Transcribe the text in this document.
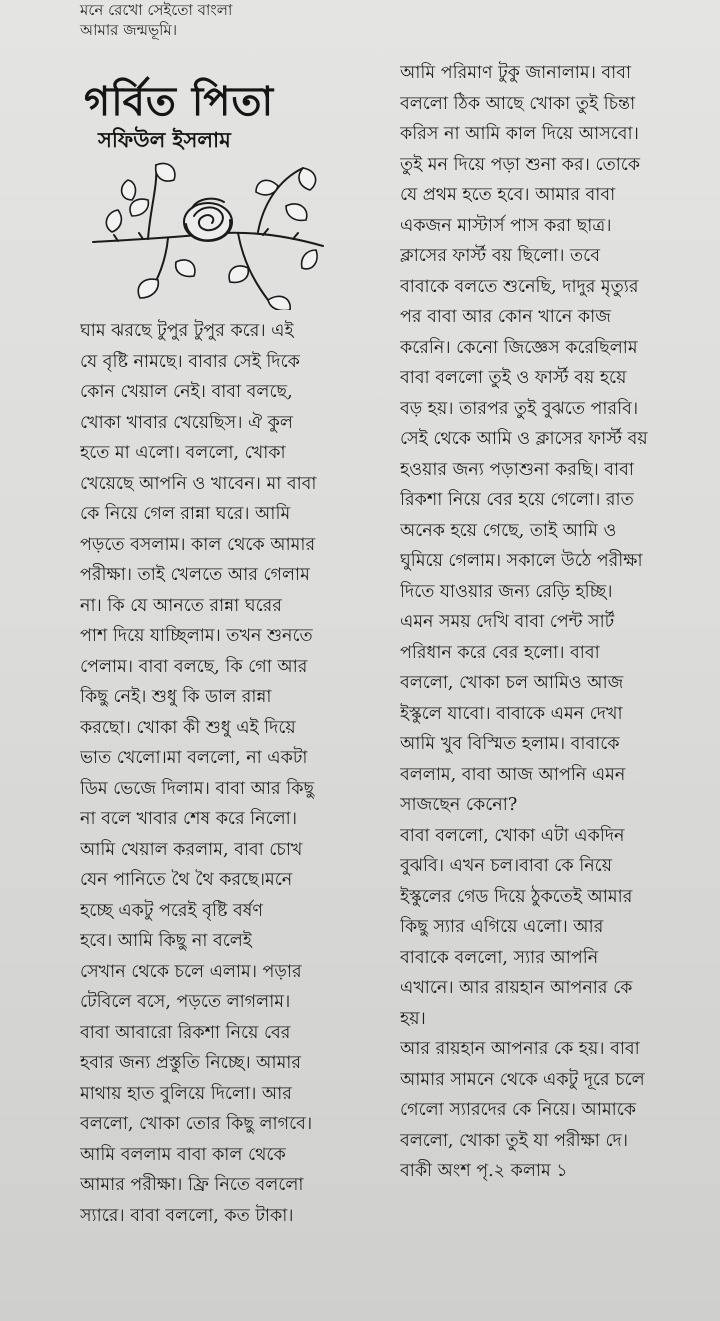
মনে রেখো সেইতো বাংলা
আমার জন্মভূমি।
গর্বিত পিতা
সফিউল ইসলাম
ঘাম ঝরছে টুপুর টুপুর করে। এই
যে বৃষ্টি নামছে। বাবার সেই দিকে
কোন খেয়াল নেই। বাবা বলছে,
খোকা খাবার খেয়েছিস। ঐ কুল
হতে মা এলো। বললো, খোকা
খেয়েছে আপনি ও খাবেন। মা বাবা
কে নিয়ে গেল রান্না ঘরে। আমি
পড়তে বসলাম। কাল থেকে আমার
পরীক্ষা। তাই খেলতে আর গেলাম
না। কি যে আনতে রান্না ঘরের
পাশ দিয়ে যাচ্ছিলাম। তখন শুনতে
পেলাম। বাবা বলছে, কি গো আর
কিছু নেই। শুধু কি ডাল রান্না
করছো। খোকা কী শুধু এই দিয়ে
ভাত খেলো।মা বললো, না একটা
ডিম ভেজে দিলাম। বাবা আর কিছু
না বলে খাবার শেষ করে নিলো।
আমি খেয়াল করলাম, বাবা চোখ
যেন পানিতে থৈ থৈ করছে।মনে
হচ্ছে একটু পরেই বৃষ্টি বর্ষণ
হবে। আমি কিছু না বলেই
সেখান থেকে চলে এলাম। পড়ার
টেবিলে বসে, পড়তে লাগলাম।
বাবা আবারো রিকশা নিয়ে বের
হবার জন্য প্রস্তুতি নিচ্ছে। আমার
মাথায় হাত বুলিয়ে দিলো। আর
বললো, খোকা তোর কিছু লাগবে।
আমি বললাম বাবা কাল থেকে
আমার পরীক্ষা। ফ্রি নিতে বললো
স্যারে। বাবা বললো, কত টাকা।
আমি পরিমাণ টুকু জানালাম। বাবা
বললো ঠিক আছে খোকা তুই চিন্তা
করিস না আমি কাল দিয়ে আসবো।
তুই মন দিয়ে পড়া শুনা কর। তোকে
যে প্রথম হতে হবে। আমার বাবা
একজন মাস্টার্স পাস করা ছাত্র।
ক্লাসের ফার্স্ট বয় ছিলো। তবে
বাবাকে বলতে শুনেছি, দাদুর মৃত্যুর
পর বাবা আর কোন খানে কাজ
করেনি। কেনো জিজ্ঞেস করেছিলাম
বাবা বললো তুই ও ফার্স্ট বয় হয়ে
বড় হয়। তারপর তুই বুঝতে পারবি।
সেই থেকে আমি ও ক্লাসের ফার্স্ট বয়
হওয়ার জন্য পড়াশুনা করছি। বাবা
রিকশা নিয়ে বের হয়ে গেলো। রাত
অনেক হয়ে গেছে, তাই আমি ও
ঘুমিয়ে গেলাম। সকালে উঠে পরীক্ষা
দিতে যাওয়ার জন্য রেডি় হচ্ছি।
এমন সময় দেখি বাবা পেন্ট সার্ট
পরিধান করে বের হলো। বাবা
বললো, খোকা চল আমিও আজ
ইস্কুলে যাবো। বাবাকে এমন দেখা
আমি খুব বিস্মিত হলাম। বাবাকে
বললাম, বাবা আজ আপনি এমন
সাজছেন কেনো?
বাবা বললো, খোকা এটা একদিন
বুঝবি। এখন চল।বাবা কে নিয়ে
ইস্কুলের গেড দিয়ে ঠুকতেই আমার
কিছু স্যার এগিয়ে এলো। আর
বাবাকে বললো, স্যার আপনি
এখানে। আর রায়হান আপনার কে
হয়।
আর রায়হান আপনার কে হয়। বাবা
আমার সামনে থেকে একটু দূরে চলে
গেলো স্যারদের কে নিয়ে। আমাকে
বললো, খোকা তুই যা পরীক্ষা দে।
বাকী অংশ পৃ.২ কলাম ১
